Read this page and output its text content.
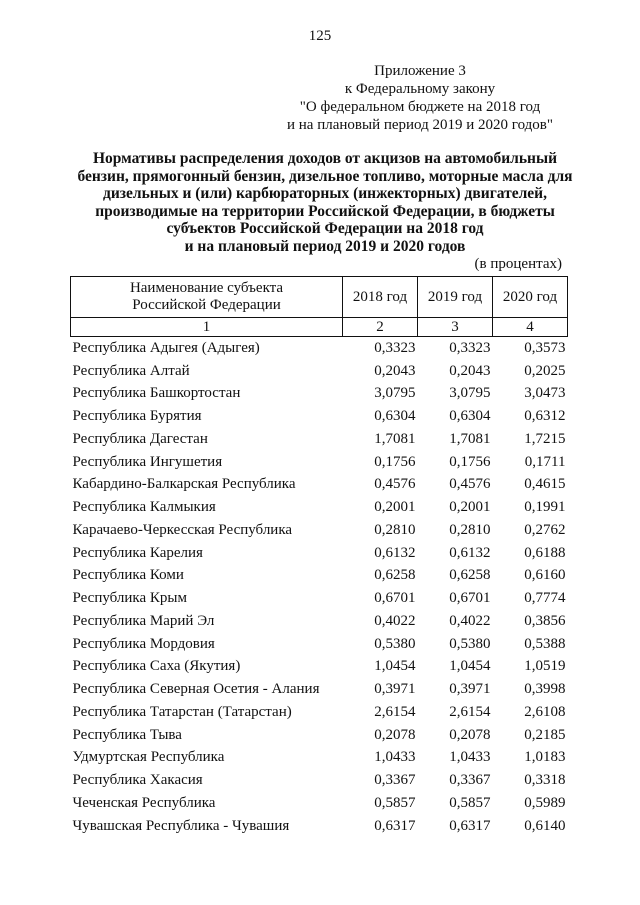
125
Приложение 3
к Федеральному закону
"О федеральном бюджете на 2018 год
и на плановый период 2019 и 2020 годов"
Нормативы распределения доходов от акцизов на автомобильный
бензин, прямогонный бензин, дизельное топливо, моторные масла для
дизельных и (или) карбюраторных (инжекторных) двигателей,
производимые на территории Российской Федерации, в бюджеты
субъектов Российской Федерации на 2018 год
и на плановый период 2019 и 2020 годов
(в процентах)
Наименование субъекта
Российской Федерации	2018 год	2019 год	2020 год
1	2	3	4
Республика Адыгея (Адыгея)	0,3323	0,3323	0,3573
Республика Алтай	0,2043	0,2043	0,2025
Республика Башкортостан	3,0795	3,0795	3,0473
Республика Бурятия	0,6304	0,6304	0,6312
Республика Дагестан	1,7081	1,7081	1,7215
Республика Ингушетия	0,1756	0,1756	0,1711
Кабардино-Балкарская Республика	0,4576	0,4576	0,4615
Республика Калмыкия	0,2001	0,2001	0,1991
Карачаево-Черкесская Республика	0,2810	0,2810	0,2762
Республика Карелия	0,6132	0,6132	0,6188
Республика Коми	0,6258	0,6258	0,6160
Республика Крым	0,6701	0,6701	0,7774
Республика Марий Эл	0,4022	0,4022	0,3856
Республика Мордовия	0,5380	0,5380	0,5388
Республика Саха (Якутия)	1,0454	1,0454	1,0519
Республика Северная Осетия - Алания	0,3971	0,3971	0,3998
Республика Татарстан (Татарстан)	2,6154	2,6154	2,6108
Республика Тыва	0,2078	0,2078	0,2185
Удмуртская Республика	1,0433	1,0433	1,0183
Республика Хакасия	0,3367	0,3367	0,3318
Чеченская Республика	0,5857	0,5857	0,5989
Чувашская Республика - Чувашия	0,6317	0,6317	0,6140
